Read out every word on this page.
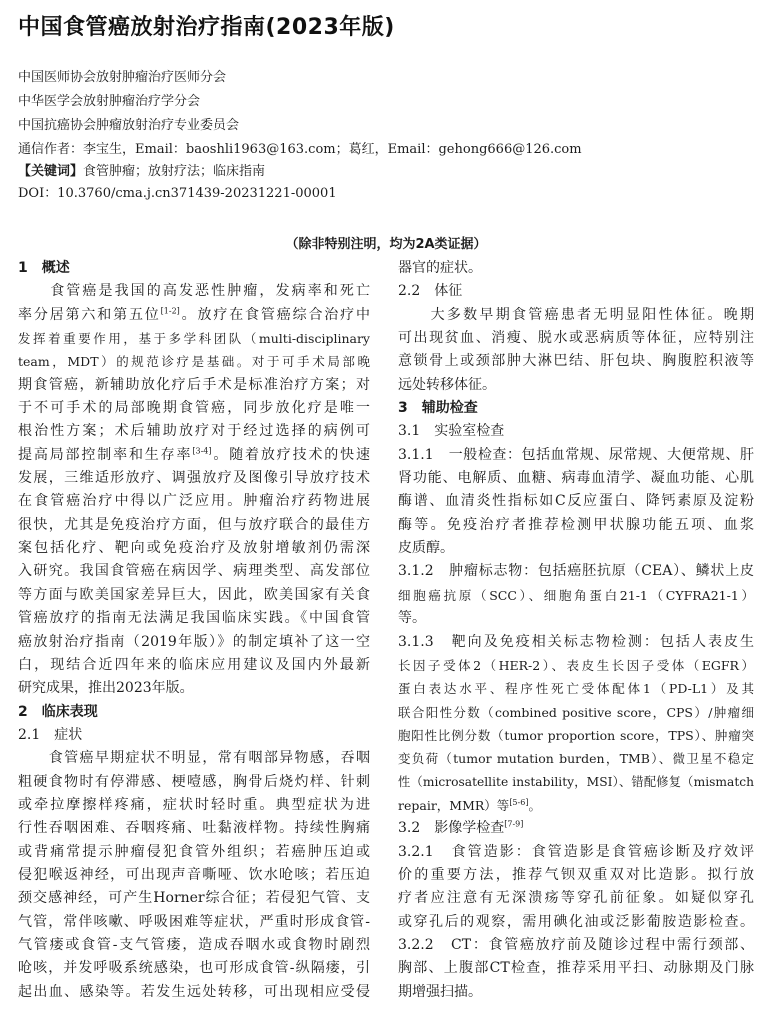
中国食管癌放射治疗指南(2023年版)
中国医师协会放射肿瘤治疗医师分会
中华医学会放射肿瘤治疗学分会
中国抗癌协会肿瘤放射治疗专业委员会
通信作者：李宝生，Email：baoshli1963@163.com；葛红，Email：gehong666@126.com
【关键词】食管肿瘤；放射疗法；临床指南
DOI：10.3760/cma.j.cn371439-20231221-00001
（除非特别注明，均为2A类证据）
1　概述
　　食管癌是我国的高发恶性肿瘤，发病率和死亡
率分居第六和第五位[1-2]。放疗在食管癌综合治疗中
发挥着重要作用，基于多学科团队（multi-disciplinary
team，MDT）的规范诊疗是基础。对于可手术局部晚
期食管癌，新辅助放化疗后手术是标准治疗方案；对
于不可手术的局部晚期食管癌，同步放化疗是唯一
根治性方案；术后辅助放疗对于经过选择的病例可
提高局部控制率和生存率[3-4]。随着放疗技术的快速
发展，三维适形放疗、调强放疗及图像引导放疗技术
在食管癌治疗中得以广泛应用。肿瘤治疗药物进展
很快，尤其是免疫治疗方面，但与放疗联合的最佳方
案包括化疗、靶向或免疫治疗及放射增敏剂仍需深
入研究。我国食管癌在病因学、病理类型、高发部位
等方面与欧美国家差异巨大，因此，欧美国家有关食
管癌放疗的指南无法满足我国临床实践。《中国食管
癌放射治疗指南（2019年版）》的制定填补了这一空
白，现结合近四年来的临床应用建议及国内外最新
研究成果，推出2023年版。
2　临床表现
2.1　症状
　　食管癌早期症状不明显，常有咽部异物感，吞咽
粗硬食物时有停滞感、梗噎感，胸骨后烧灼样、针刺
或牵拉摩擦样疼痛，症状时轻时重。典型症状为进
行性吞咽困难、吞咽疼痛、吐黏液样物。持续性胸痛
或背痛常提示肿瘤侵犯食管外组织；若癌肿压迫或
侵犯喉返神经，可出现声音嘶哑、饮水呛咳；若压迫
颈交感神经，可产生Horner综合征；若侵犯气管、支
气管，常伴咳嗽、呼吸困难等症状，严重时形成食管-
气管瘘或食管-支气管瘘，造成吞咽水或食物时剧烈
呛咳，并发呼吸系统感染，也可形成食管-纵隔瘘，引
起出血、感染等。若发生远处转移，可出现相应受侵
器官的症状。
2.2　体征
　　大多数早期食管癌患者无明显阳性体征。晚期
可出现贫血、消瘦、脱水或恶病质等体征，应特别注
意锁骨上或颈部肿大淋巴结、肝包块、胸腹腔积液等
远处转移体征。
3　辅助检查
3.1　实验室检查
3.1.1　一般检查：包括血常规、尿常规、大便常规、肝
肾功能、电解质、血糖、病毒血清学、凝血功能、心肌
酶谱、血清炎性指标如C反应蛋白、降钙素原及淀粉
酶等。免疫治疗者推荐检测甲状腺功能五项、血浆
皮质醇。
3.1.2　肿瘤标志物：包括癌胚抗原（CEA）、鳞状上皮
细胞癌抗原（SCC）、细胞角蛋白21-1（CYFRA21-1）
等。
3.1.3　靶向及免疫相关标志物检测：包括人表皮生
长因子受体2（HER-2）、表皮生长因子受体（EGFR）
蛋白表达水平、程序性死亡受体配体1（PD-L1）及其
联合阳性分数（combined positive score，CPS）/肿瘤细
胞阳性比例分数（tumor proportion score，TPS）、肿瘤突
变负荷（tumor mutation burden，TMB）、微卫星不稳定
性（microsatellite instability，MSI）、错配修复（mismatch
repair，MMR）等[5-6]。
3.2　影像学检查[7-9]
3.2.1　食管造影：食管造影是食管癌诊断及疗效评
价的重要方法，推荐气钡双重双对比造影。拟行放
疗者应注意有无深溃疡等穿孔前征象。如疑似穿孔
或穿孔后的观察，需用碘化油或泛影葡胺造影检查。
3.2.2　CT：食管癌放疗前及随诊过程中需行颈部、
胸部、上腹部CT检查，推荐采用平扫、动脉期及门脉
期增强扫描。
